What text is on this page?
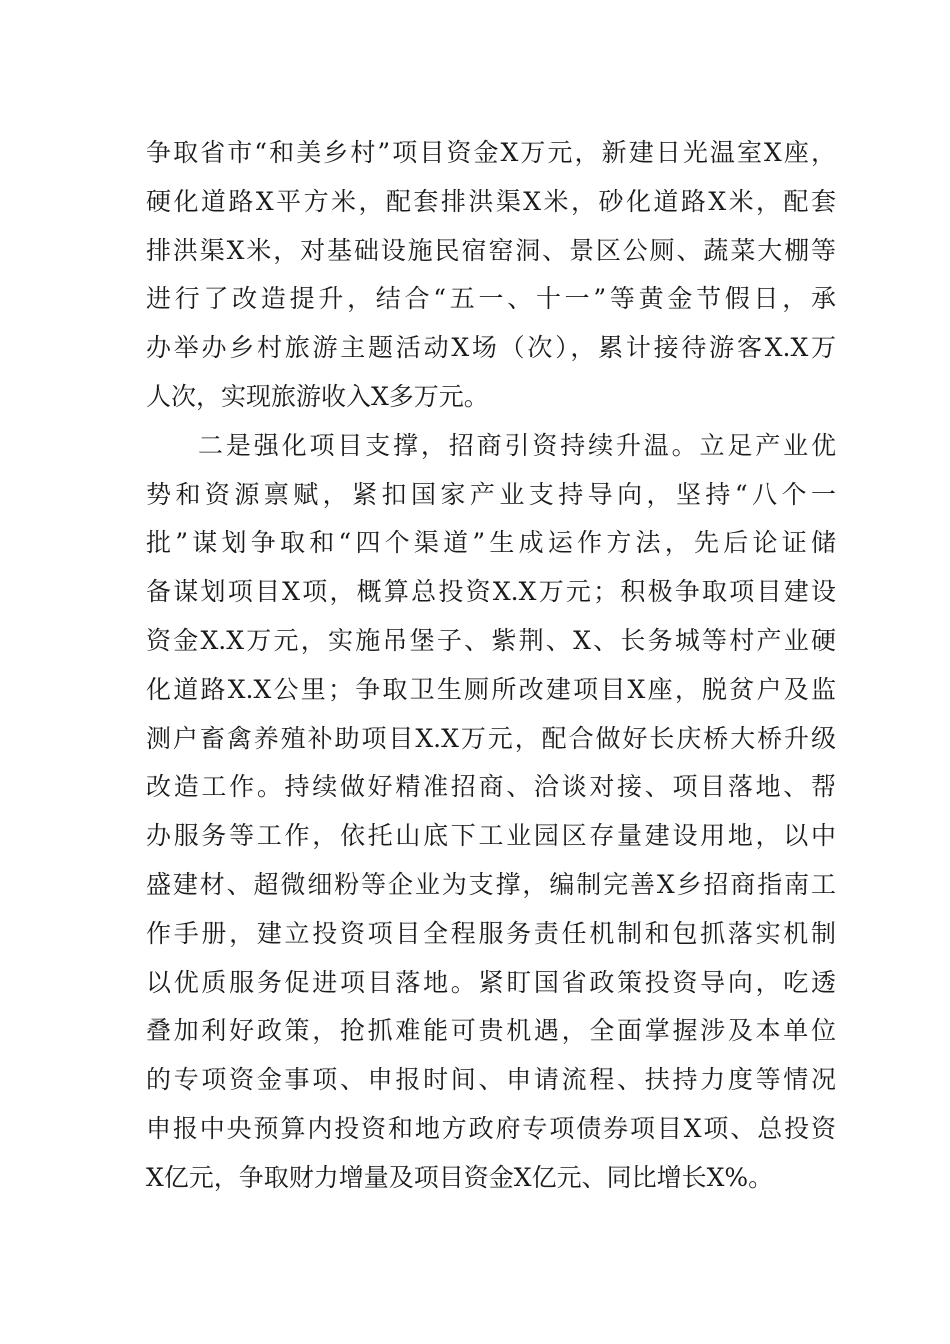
争取省市“和美乡村”项目资金X万元，新建日光温室X座，
硬化道路X平方米，配套排洪渠X米，砂化道路X米，配套
排洪渠X米，对基础设施民宿窑洞、景区公厕、蔬菜大棚等
进行了改造提升，结合“五一、十一”等黄金节假日，承
办举办乡村旅游主题活动X场（次），累计接待游客X.X万
人次，实现旅游收入X多万元。
二是强化项目支撑，招商引资持续升温。立足产业优
势和资源禀赋，紧扣国家产业支持导向，坚持“八个一
批”谋划争取和“四个渠道”生成运作方法，先后论证储
备谋划项目X项，概算总投资X.X万元；积极争取项目建设
资金X.X万元，实施吊堡子、紫荆、X、长务城等村产业硬
化道路X.X公里；争取卫生厕所改建项目X座，脱贫户及监
测户畜禽养殖补助项目X.X万元，配合做好长庆桥大桥升级
改造工作。持续做好精准招商、洽谈对接、项目落地、帮
办服务等工作，依托山底下工业园区存量建设用地，以中
盛建材、超微细粉等企业为支撑，编制完善X乡招商指南工
作手册，建立投资项目全程服务责任机制和包抓落实机制
以优质服务促进项目落地。紧盯国省政策投资导向，吃透
叠加利好政策，抢抓难能可贵机遇，全面掌握涉及本单位
的专项资金事项、申报时间、申请流程、扶持力度等情况
申报中央预算内投资和地方政府专项债券项目X项、总投资
X亿元，争取财力增量及项目资金X亿元、同比增长X%。
